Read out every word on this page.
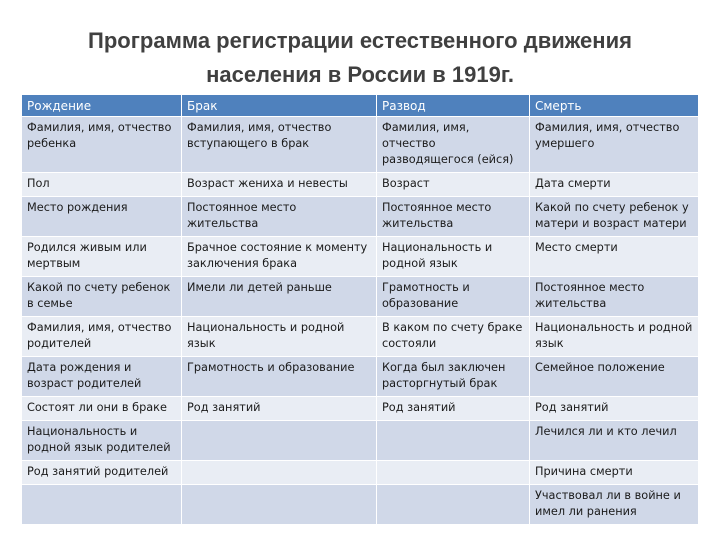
Программа регистрации естественного движения
населения в России в 1919г.
Рождение	Брак	Развод	Смерть
Фамилия, имя, отчество ребенка	Фамилия, имя, отчество вступающего в брак	Фамилия, имя, отчество разводящегося (ейся)	Фамилия, имя, отчество умершего
Пол	Возраст жениха и невесты	Возраст	Дата смерти
Место рождения	Постоянное место жительства	Постоянное место жительства	Какой по счету ребенок у матери и возраст матери
Родился живым или мертвым	Брачное состояние к моменту заключения брака	Национальность и родной язык	Место смерти
Какой по счету ребенок в семье	Имели ли детей раньше	Грамотность и образование	Постоянное место жительства
Фамилия, имя, отчество родителей	Национальность и родной язык	В каком по счету браке состояли	Национальность и родной язык
Дата рождения и возраст родителей	Грамотность и образование	Когда был заключен расторгнутый брак	Семейное положение
Состоят ли они в браке	Род занятий	Род занятий	Род занятий
Национальность и родной язык родителей			Лечился ли и кто лечил
Род занятий родителей			Причина смерти
			Участвовал ли в войне и имел ли ранения
